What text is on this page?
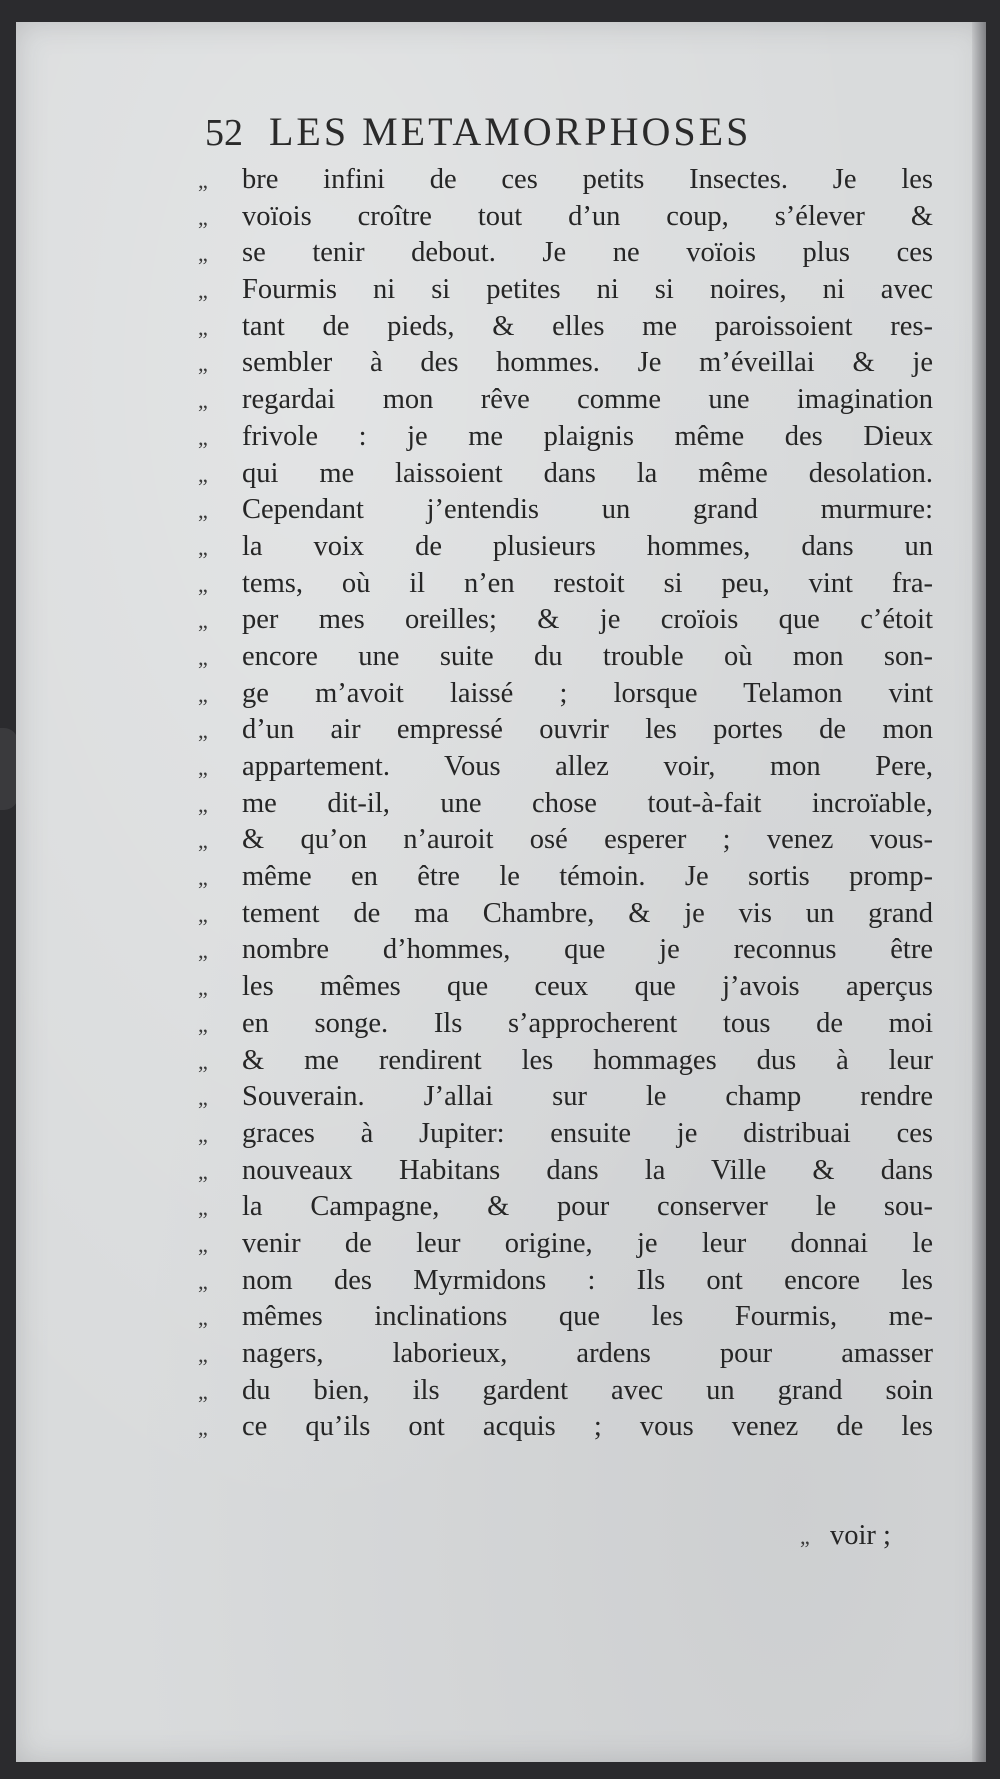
52 LES METAMORPHOSES
„	bre infini de ces petits Insectes. Je les
„	voïois croître tout d’un coup, s’élever &
„	se tenir debout. Je ne voïois plus ces
„	Fourmis ni si petites ni si noires, ni avec
„	tant de pieds, & elles me paroissoient res-
„	sembler à des hommes. Je m’éveillai & je
„	regardai mon rêve comme une imagination
„	frivole : je me plaignis même des Dieux
„	qui me laissoient dans la même desolation.
„	Cependant j’entendis un grand murmure:
„	la voix de plusieurs hommes, dans un
„	tems, où il n’en restoit si peu, vint fra-
„	per mes oreilles; & je croïois que c’étoit
„	encore une suite du trouble où mon son-
„	ge m’avoit laissé ; lorsque Telamon vint
„	d’un air empressé ouvrir les portes de mon
„	appartement. Vous allez voir, mon Pere,
„	me dit-il, une chose tout-à-fait incroïable,
„	& qu’on n’auroit osé esperer ; venez vous-
„	même en être le témoin. Je sortis promp-
„	tement de ma Chambre, & je vis un grand
„	nombre d’hommes, que je reconnus être
„	les mêmes que ceux que j’avois aperçus
„	en songe. Ils s’approcherent tous de moi
„	& me rendirent les hommages dus à leur
„	Souverain. J’allai sur le champ rendre
„	graces à Jupiter: ensuite je distribuai ces
„	nouveaux Habitans dans la Ville & dans
„	la Campagne, & pour conserver le sou-
„	venir de leur origine, je leur donnai le
„	nom des Myrmidons : Ils ont encore les
„	mêmes inclinations que les Fourmis, me-
„	nagers, laborieux, ardens pour amasser
„	du bien, ils gardent avec un grand soin
„	ce qu’ils ont acquis ; vous venez de les
„ voir ;
